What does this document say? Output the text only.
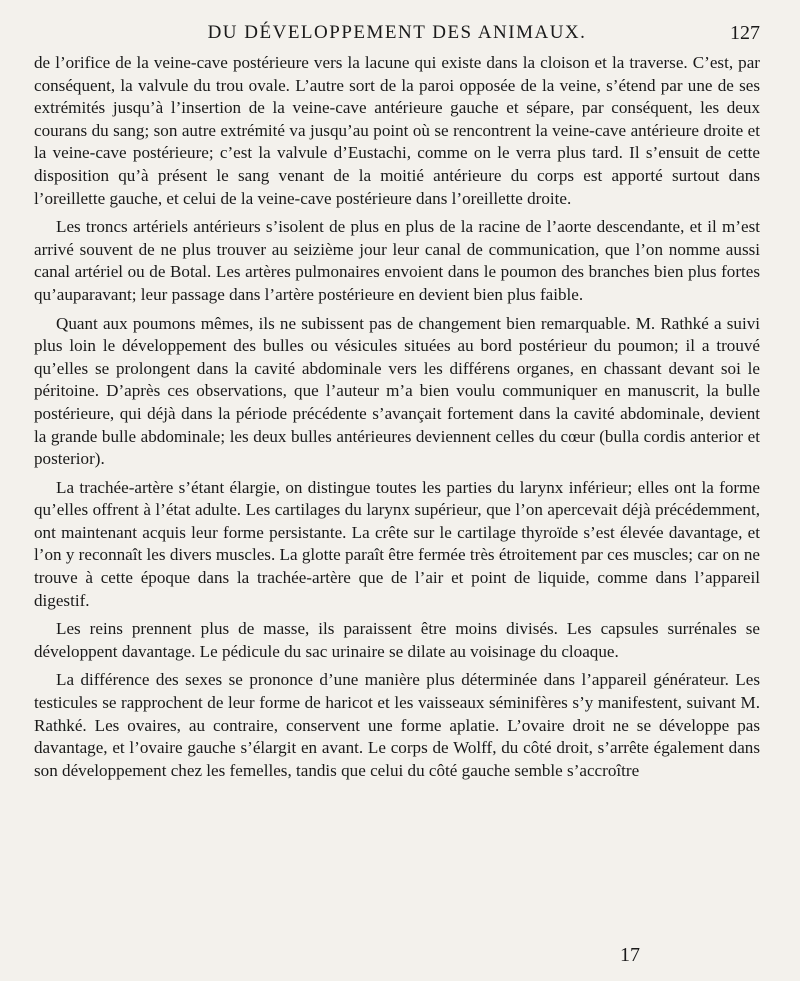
DU DÉVELOPPEMENT DES ANIMAUX.	127

de l’orifice de la veine-cave postérieure vers la lacune qui existe dans la cloison et la traverse. C’est, par conséquent, la valvule du trou ovale. L’autre sort de la paroi opposée de la veine, s’étend par une de ses extrémités jusqu’à l’insertion de la veine-cave antérieure gauche et sépare, par conséquent, les deux courans du sang; son autre extrémité va jusqu’au point où se rencontrent la veine-cave antérieure droite et la veine-cave postérieure; c’est la valvule d’Eustachi, comme on le verra plus tard. Il s’ensuit de cette disposition qu’à présent le sang venant de la moitié antérieure du corps est apporté surtout dans l’oreillette gauche, et celui de la veine-cave postérieure dans l’oreillette droite.

Les troncs artériels antérieurs s’isolent de plus en plus de la racine de l’aorte descendante, et il m’est arrivé souvent de ne plus trouver au seizième jour leur canal de communication, que l’on nomme aussi canal artériel ou de Botal. Les artères pulmonaires envoient dans le poumon des branches bien plus fortes qu’auparavant; leur passage dans l’artère postérieure en devient bien plus faible.

Quant aux poumons mêmes, ils ne subissent pas de changement bien remarquable. M. Rathké a suivi plus loin le développement des bulles ou vésicules situées au bord postérieur du poumon; il a trouvé qu’elles se prolongent dans la cavité abdominale vers les différens organes, en chassant devant soi le péritoine. D’après ces observations, que l’auteur m’a bien voulu communiquer en manuscrit, la bulle postérieure, qui déjà dans la période précédente s’avançait fortement dans la cavité abdominale, devient la grande bulle abdominale; les deux bulles antérieures deviennent celles du cœur (bulla cordis anterior et posterior).

La trachée-artère s’étant élargie, on distingue toutes les parties du larynx inférieur; elles ont la forme qu’elles offrent à l’état adulte. Les cartilages du larynx supérieur, que l’on apercevait déjà précédemment, ont maintenant acquis leur forme persistante. La crête sur le cartilage thyroïde s’est élevée davantage, et l’on y reconnaît les divers muscles. La glotte paraît être fermée très étroitement par ces muscles; car on ne trouve à cette époque dans la trachée-artère que de l’air et point de liquide, comme dans l’appareil digestif.

Les reins prennent plus de masse, ils paraissent être moins divisés. Les capsules surrénales se développent davantage. Le pédicule du sac urinaire se dilate au voisinage du cloaque.

La différence des sexes se prononce d’une manière plus déterminée dans l’appareil générateur. Les testicules se rapprochent de leur forme de haricot et les vaisseaux séminifères s’y manifestent, suivant M. Rathké. Les ovaires, au contraire, conservent une forme aplatie. L’ovaire droit ne se développe pas davantage, et l’ovaire gauche s’élargit en avant. Le corps de Wolff, du côté droit, s’arrête également dans son développement chez les femelles, tandis que celui du côté gauche semble s’accroître

17
